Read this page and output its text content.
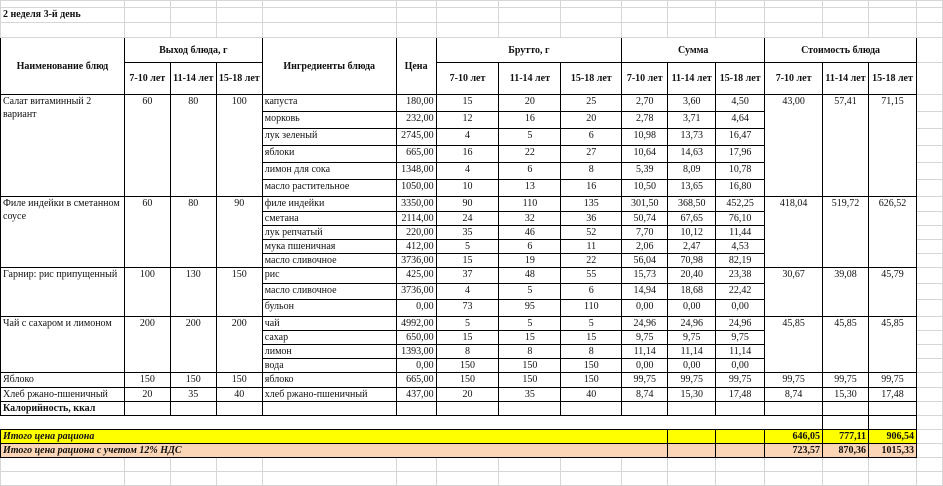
2 неделя 3-й день															

Наименование блюд	Выход блюда, г			Ингредиенты блюда	Цена	Брутто, г			Сумма			Стоимость блюда			
	7-10 лет	11-14 лет	15-18 лет			7-10 лет	11-14 лет	15-18 лет	7-10 лет	11-14 лет	15-18 лет	7-10 лет	11-14 лет	15-18 лет	
Салат витаминный 2 вариант	60	80	100	капуста	180,00	15	20	25	2,70	3,60	4,50	43,00	57,41	71,15	
				морковь	232,00	12	16	20	2,78	3,71	4,64				
				лук зеленый	2745,00	4	5	6	10,98	13,73	16,47				
				яблоки	665,00	16	22	27	10,64	14,63	17,96				
				лимон для сока	1348,00	4	6	8	5,39	8,09	10,78				
				масло растительное	1050,00	10	13	16	10,50	13,65	16,80				
Филе индейки в сметанном соусе	60	80	90	филе индейки	3350,00	90	110	135	301,50	368,50	452,25	418,04	519,72	626,52	
				сметана	2114,00	24	32	36	50,74	67,65	76,10				
				лук репчатый	220,00	35	46	52	7,70	10,12	11,44				
				мука пшеничная	412,00	5	6	11	2,06	2,47	4,53				
				масло сливочное	3736,00	15	19	22	56,04	70,98	82,19				
Гарнир: рис припущенный	100	130	150	рис	425,00	37	48	55	15,73	20,40	23,38	30,67	39,08	45,79	
				масло сливочное	3736,00	4	5	6	14,94	18,68	22,42				
				бульон	0,00	73	95	110	0,00	0,00	0,00				
Чай с сахаром и лимоном	200	200	200	чай	4992,00	5	5	5	24,96	24,96	24,96	45,85	45,85	45,85	
				сахар	650,00	15	15	15	9,75	9,75	9,75				
				лимон	1393,00	8	8	8	11,14	11,14	11,14				
				вода	0,00	150	150	150	0,00	0,00	0,00				
Яблоко	150	150	150	яблоко	665,00	150	150	150	99,75	99,75	99,75	99,75	99,75	99,75	
Хлеб ржано-пшеничный	20	35	40	хлеб ржано-пшеничный	437,00	20	35	40	8,74	15,30	17,48	8,74	15,30	17,48	
Калорийность, ккал															

Итого цена рациона												646,05	777,11	906,54	
Итого цена рациона с учетом 12% НДС												723,57	870,36	1015,33	
